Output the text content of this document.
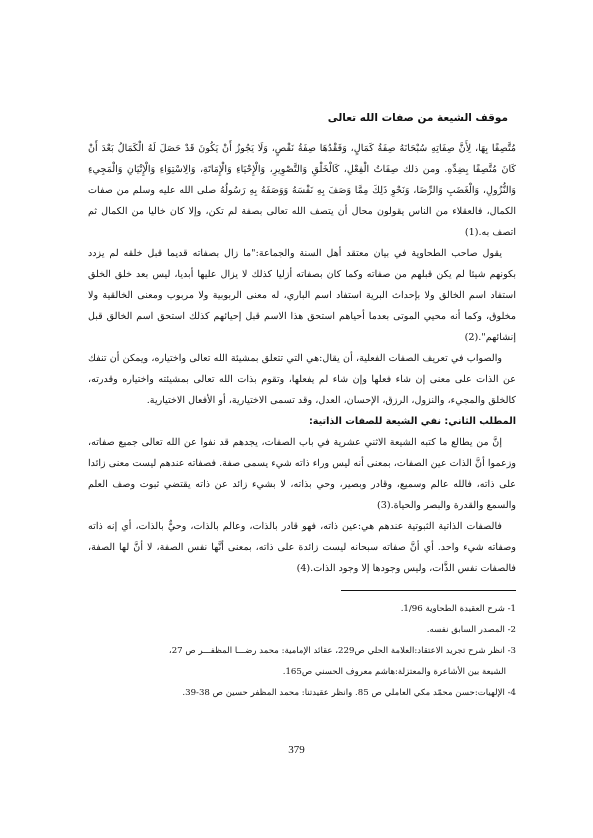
موقف الشيعة من صفات الله تعالى

مُتَّصِفًا بِهَا، لِأَنَّ صِفَاتِهِ سُبْحَانَهُ صِفَةُ كَمَالٍ، وَفَقْدُهَا صِفَةُ نَقْصٍ، وَلَا يَجُوزُ أَنْ يَكُونَ قَدْ حَصَلَ لَهُ الْكَمَالُ بَعْدَ أَنْ كَانَ مُتَّصِفًا بِضِدِّهِ. ومن ذلك صِفَاتُ الْفِعْلِ، كَالْخَلْقِ وَالتَّصْوِيرِ، وَالْإِحْيَاءِ وَالْإِمَاتَةِ، وَالِاسْتِوَاءِ وَالْإِتْيَانِ وَالْمَجِيءِ وَالنُّزُولِ، وَالْغَضَبِ وَالرِّضَا، وَنَحْوِ ذَلِكَ مِمَّا وَصَفَ بِهِ نَفْسَهُ وَوَصَفَهُ بِهِ رَسُولُهُ صلى الله عليه وسلم من صفات الكمال، فالعقلاء من الناس يقولون محال أن يتصف الله تعالى بصفة لم تكن، وإلا كان خاليا من الكمال ثم اتصف به.(1)

يقول صاحب الطحاوية في بيان معتقد أهل السنة والجماعة:"ما زال بصفاته قديما قبل خلقه لم يزدد بكونهم شيئا لم يكن قبلهم من صفاته وكما كان بصفاته أزليا كذلك لا يزال عليها أبديا، ليس بعد خلق الخلق استفاد اسم الخالق ولا بإحداث البرية استفاد اسم الباري، له معنى الربوبية ولا مربوب ومعنى الخالقية ولا مخلوق، وكما أنه محيي الموتى بعدما أحياهم استحق هذا الاسم قبل إحيائهم كذلك استحق اسم الخالق قبل إنشائهم".(2)

والصواب في تعريف الصفات الفعلية، أن يقال:هي التي تتعلق بمشيئة الله تعالى واختياره، ويمكن أن تنفك عن الذات على معنى إن شاء فعلها وإن شاء لم يفعلها، وتقوم بذات الله تعالى بمشيئته واختياره وقدرته، كالخلق والمجيء، والنزول، الرزق، الإحسان، العدل، وقد تسمى الاختيارية، أو الأفعال الاختيارية.

المطلب الثاني: نفي الشيعة للصفات الذاتية:

إنَّ من يطالع ما كتبه الشيعة الاثني عشرية في باب الصفات، يجدهم قد نفوا عن الله تعالى جميع صفاته، وزعموا أنَّ الذات عين الصفات، بمعنى أنه ليس وراء ذاته شيء يسمى صفة. فصفاته عندهم ليست معنى زائدا على ذاته، فالله عالم وسميع، وقادر وبصير، وحي بذاته، لا بشيء زائد عن ذاته يقتضي ثبوت وصف العلم والسمع والقدرة والبصر والحياة.(3)

فالصفات الذاتية الثبوتية عندهم هي:عين ذاته، فهو قادر بالذات، وعالم بالذات، وحيٌّ بالذات، أي إنه ذاته وصفاته شيء واحد. أي أنَّ صفاته سبحانه ليست زائدة على ذاته، بمعنى أنَّها نفس الصفة، لا أنَّ لها الصفة، فالصفات نفس الذَّات، وليس وجودها إلا وجود الذات.(4)

1- شرح العقيدة الطحاوية 1/96.

2- المصدر السابق نفسه.

3- انظر شرح تجريد الاعتقاد:العلامة الحلي ص229، عقائد الإمامية: محمد رضـــا المظفـــر ص 27،

الشيعة بين الأشاعرة والمعتزلة:هاشم معروف الحسني ص165.

4- الإلهيات:حسن محمّد مكي العاملي ص 85. وانظر عقيدتنا: محمد المظفر حسين ص 38-39.

379
